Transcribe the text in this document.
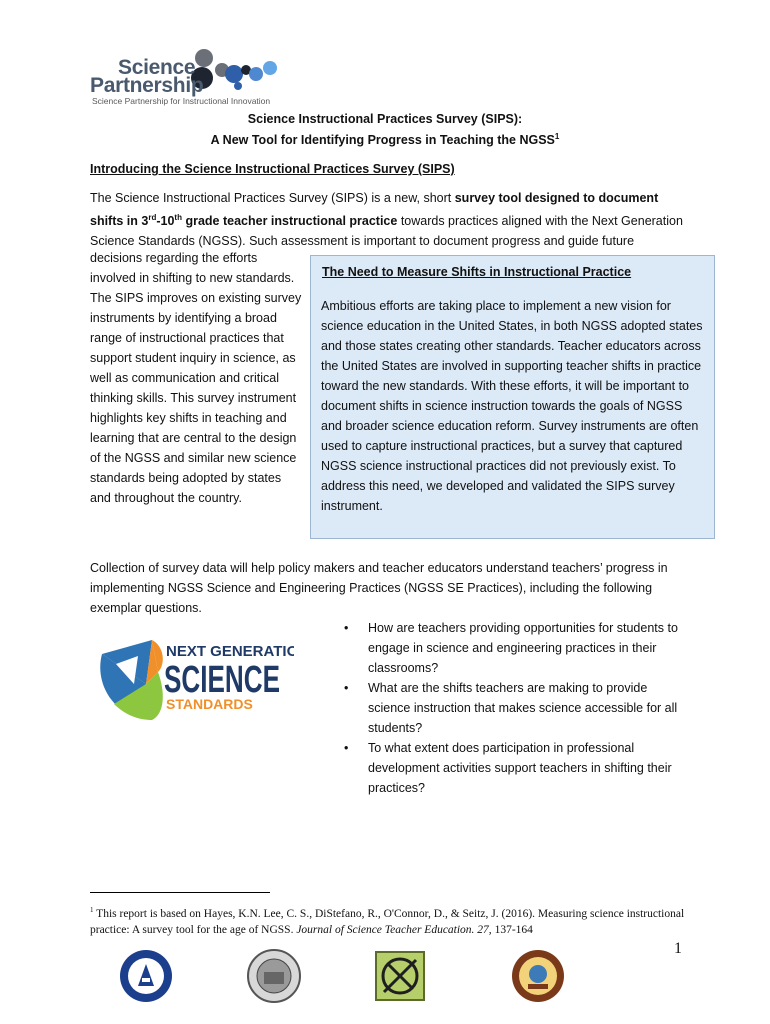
Science
Partnership
Science Partnership for Instructional Innovation
Science Instructional Practices Survey (SIPS):
A New Tool for Identifying Progress in Teaching the NGSS$^1$
Introducing the Science Instructional Practices Survey (SIPS)
The Science Instructional Practices Survey (SIPS) is a new, short survey tool designed to document shifts in 3rd-10th grade teacher instructional practice towards practices aligned with the Next Generation Science Standards (NGSS). Such assessment is important to document progress and guide future
decisions regarding the efforts involved in shifting to new standards. The SIPS improves on existing survey instruments by identifying a broad range of instructional practices that support student inquiry in science, as well as communication and critical thinking skills. This survey instrument highlights key shifts in teaching and learning that are central to the design of the NGSS and similar new science standards being adopted by states and throughout the country.
The Need to Measure Shifts in Instructional Practice
Ambitious efforts are taking place to implement a new vision for science education in the United States, in both NGSS adopted states and those states creating other standards. Teacher educators across the United States are involved in supporting teacher shifts in practice toward the new standards. With these efforts, it will be important to document shifts in science instruction towards the goals of NGSS and broader science education reform. Survey instruments are often used to capture instructional practices, but a survey that captured NGSS science instructional practices did not previously exist. To address this need, we developed and validated the SIPS survey instrument.
Collection of survey data will help policy makers and teacher educators understand teachers’ progress in implementing NGSS Science and Engineering Practices (NGSS SE Practices), including the following exemplar questions.
NEXT GENERATIO
SCIENCE
STANDARDS
• How are teachers providing opportunities for students to engage in science and engineering practices in their classrooms?
• What are the shifts teachers are making to provide science instruction that makes science accessible for all students?
• To what extent does participation in professional development activities support teachers in shifting their practices?
$^1$ This report is based on Hayes, K.N. Lee, C. S., DiStefano, R., O'Connor, D., & Seitz, J. (2016). Measuring science instructional practice: A survey tool for the age of NGSS. Journal of Science Teacher Education. 27, 137-164
1
